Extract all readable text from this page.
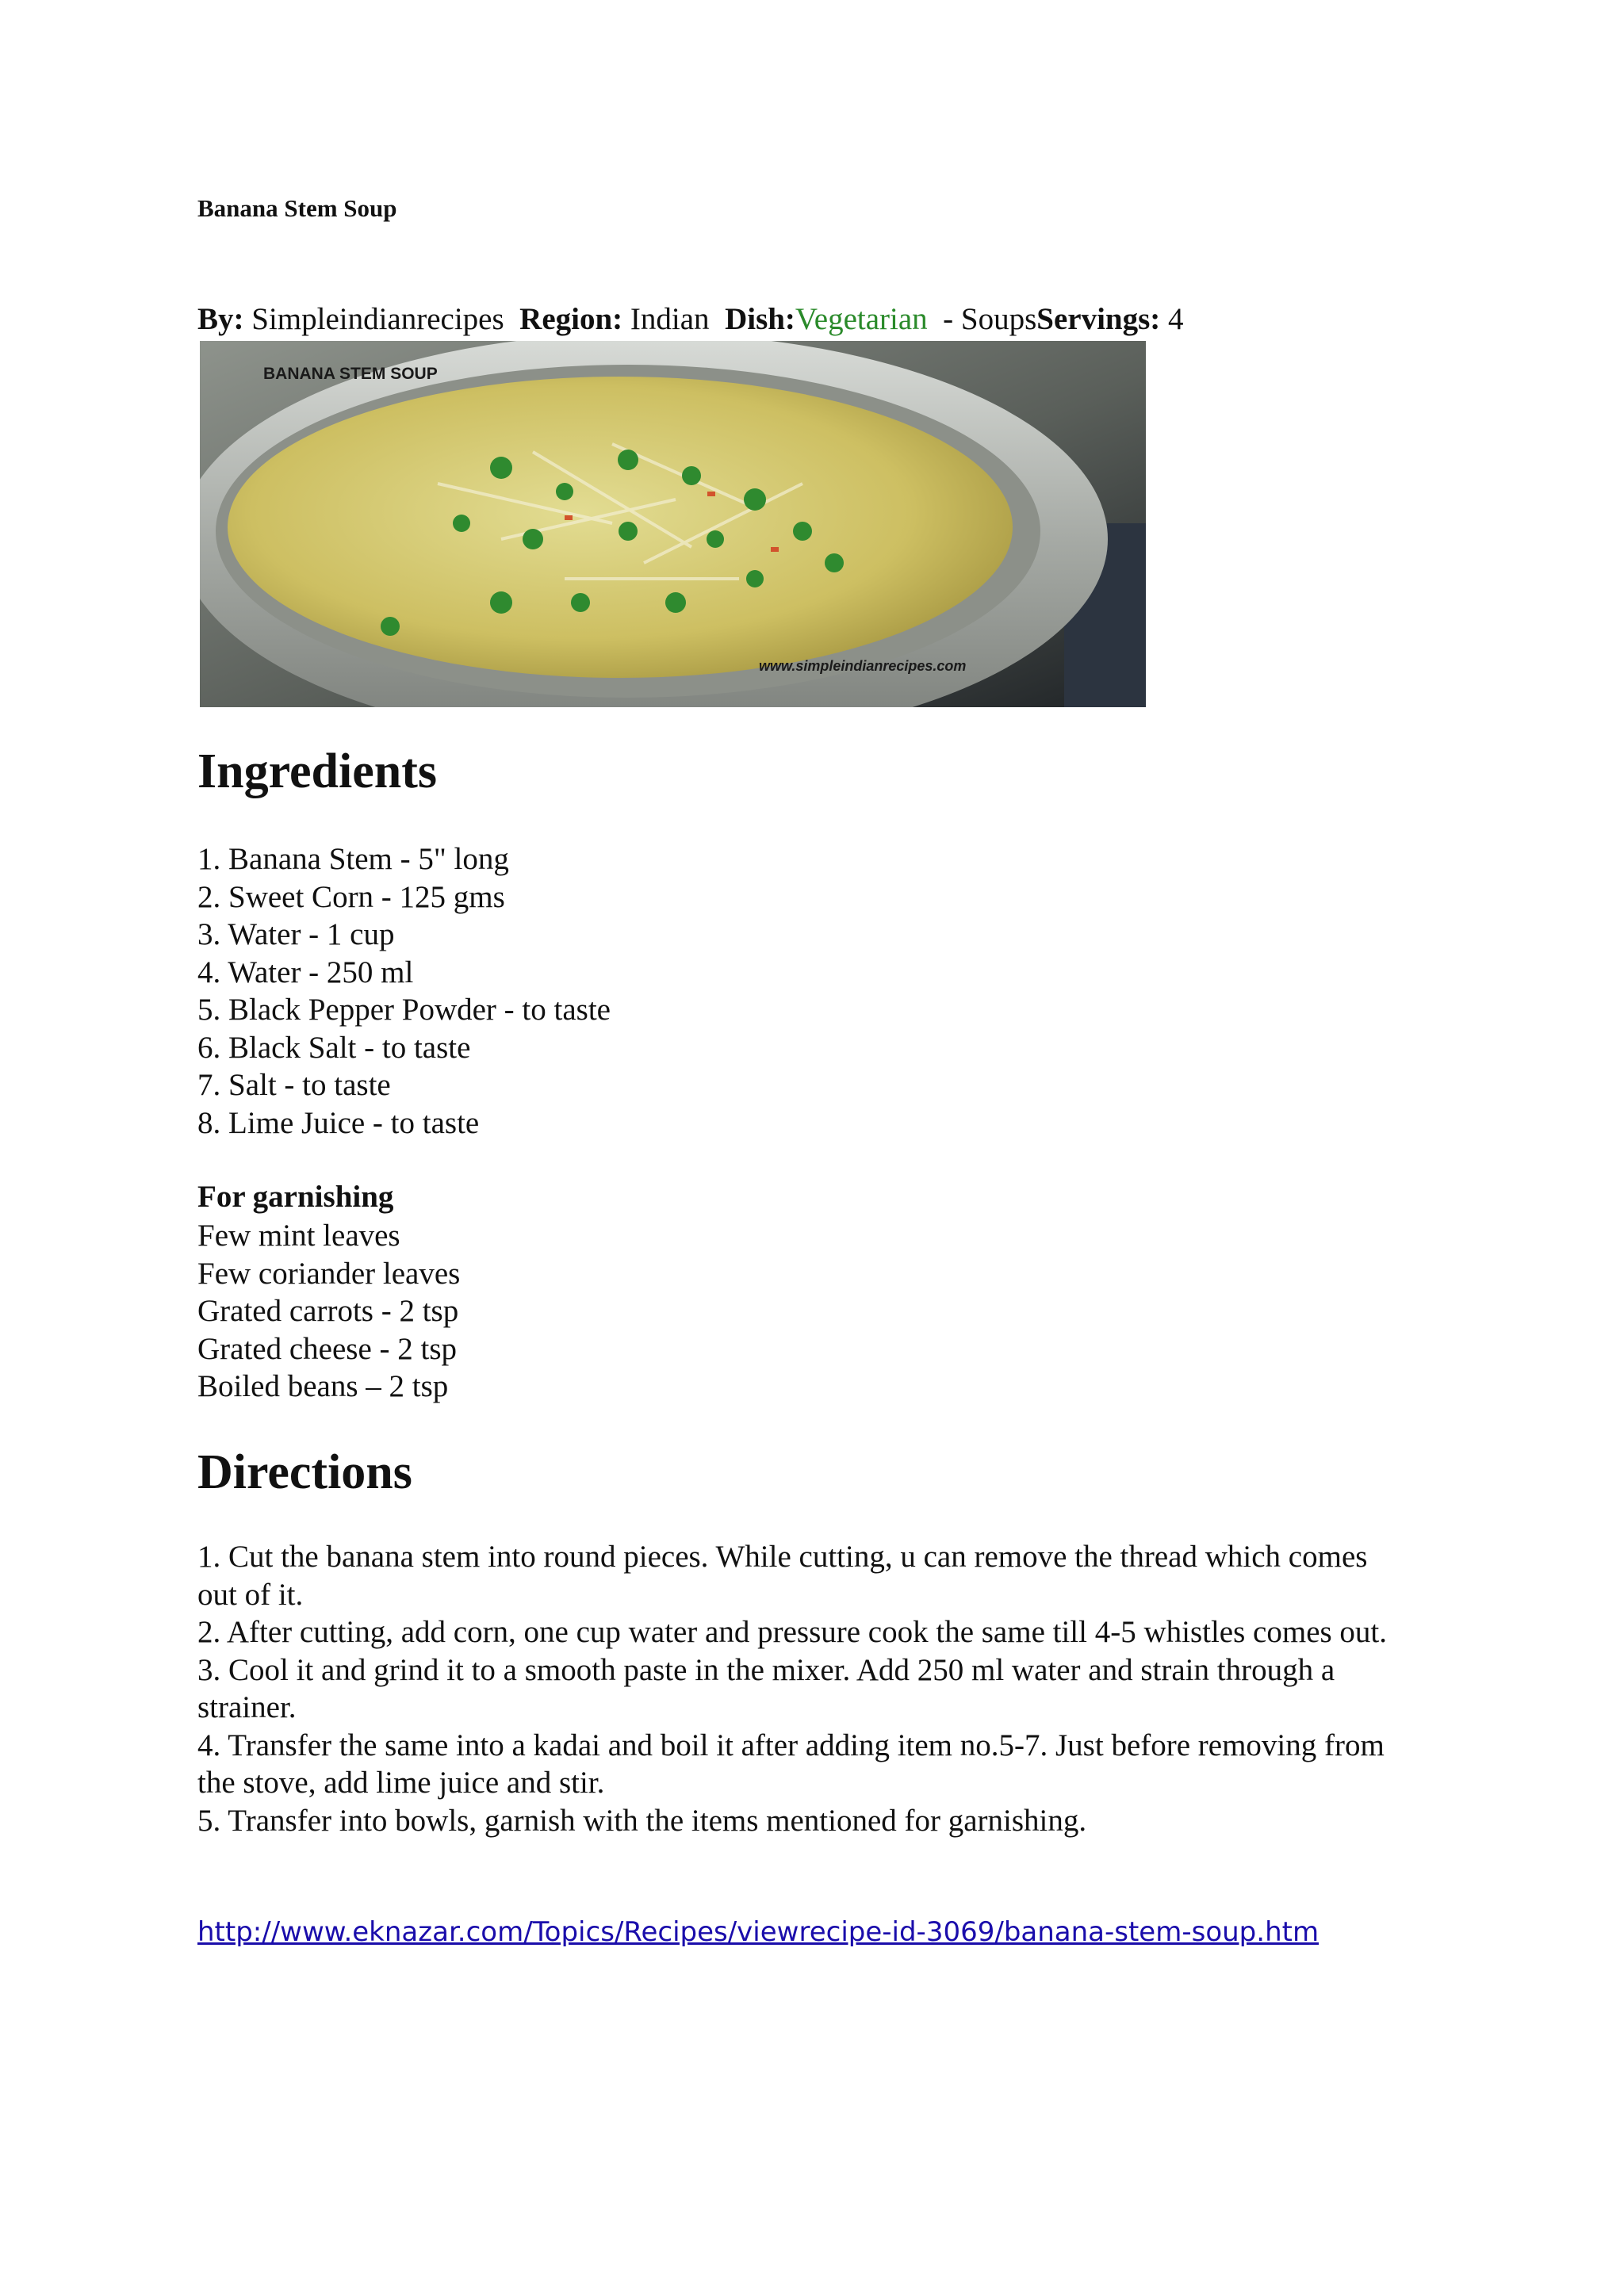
Banana Stem Soup
By: Simpleindianrecipes Region: Indian Dish:Vegetarian  - SoupsServings: 4
BANANA STEM SOUP
www.simpleindianrecipes.com
Ingredients
1. Banana Stem - 5" long
2. Sweet Corn - 125 gms
3. Water - 1 cup
4. Water - 250 ml
5. Black Pepper Powder - to taste
6. Black Salt - to taste
7. Salt - to taste
8. Lime Juice - to taste
For garnishing
Few mint leaves
Few coriander leaves
Grated carrots - 2 tsp
Grated cheese - 2 tsp
Boiled beans – 2 tsp
Directions

1. Cut the banana stem into round pieces. While cutting, u can remove the thread which comes out of it.

2. After cutting, add corn, one cup water and pressure cook the same till 4-5 whistles comes out.

3. Cool it and grind it to a smooth paste in the mixer. Add 250 ml water and strain through a strainer.

4. Transfer the same into a kadai and boil it after adding item no.5-7. Just before removing from the stove, add lime juice and stir.

5. Transfer into bowls, garnish with the items mentioned for garnishing.

http://www.eknazar.com/Topics/Recipes/viewrecipe-id-3069/banana-stem-soup.htm
